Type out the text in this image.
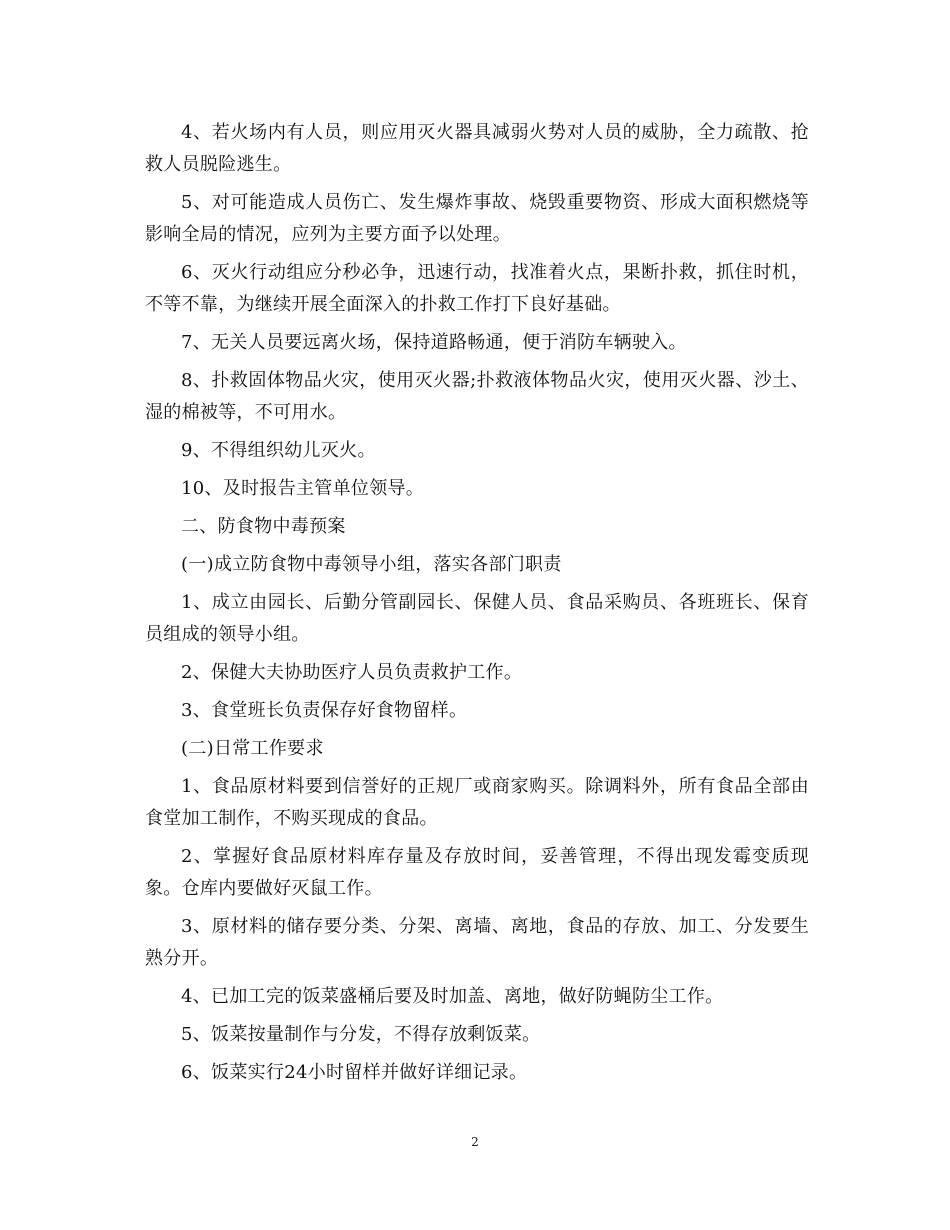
4、若火场内有人员，则应用灭火器具减弱火势对人员的威胁，全力疏散、抢救人员脱险逃生。

5、对可能造成人员伤亡、发生爆炸事故、烧毁重要物资、形成大面积燃烧等影响全局的情况，应列为主要方面予以处理。

6、灭火行动组应分秒必争，迅速行动，找准着火点，果断扑救，抓住时机，不等不靠，为继续开展全面深入的扑救工作打下良好基础。

7、无关人员要远离火场，保持道路畅通，便于消防车辆驶入。

8、扑救固体物品火灾，使用灭火器;扑救液体物品火灾，使用灭火器、沙土、湿的棉被等，不可用水。

9、不得组织幼儿灭火。

10、及时报告主管单位领导。

二、防食物中毒预案

(一)成立防食物中毒领导小组，落实各部门职责

1、成立由园长、后勤分管副园长、保健人员、食品采购员、各班班长、保育员组成的领导小组。

2、保健大夫协助医疗人员负责救护工作。

3、食堂班长负责保存好食物留样。

(二)日常工作要求

1、食品原材料要到信誉好的正规厂或商家购买。除调料外，所有食品全部由食堂加工制作，不购买现成的食品。

2、掌握好食品原材料库存量及存放时间，妥善管理，不得出现发霉变质现象。仓库内要做好灭鼠工作。

3、原材料的储存要分类、分架、离墙、离地，食品的存放、加工、分发要生熟分开。

4、已加工完的饭菜盛桶后要及时加盖、离地，做好防蝇防尘工作。

5、饭菜按量制作与分发，不得存放剩饭菜。

6、饭菜实行24小时留样并做好详细记录。

2
